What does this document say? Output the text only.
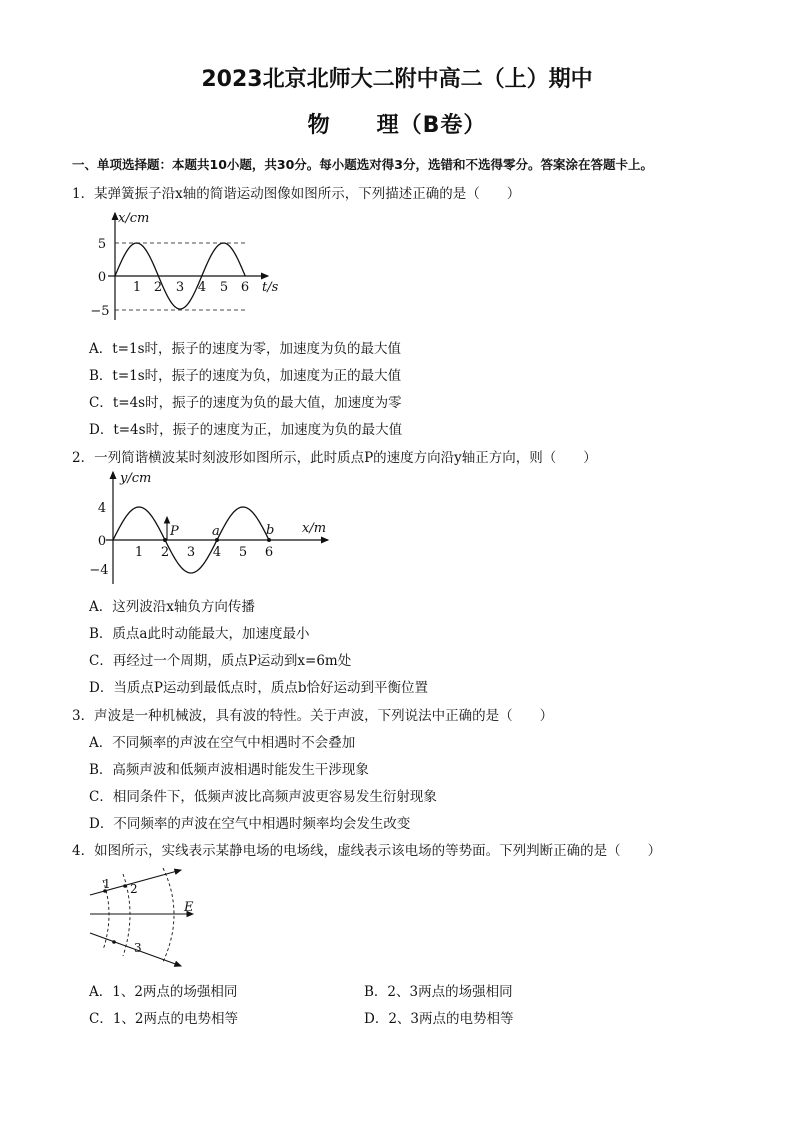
2023北京北师大二附中高二（上）期中
物　　理（B卷）
一、单项选择题：本题共10小题，共30分。每小题选对得3分，选错和不选得零分。答案涂在答题卡上。
1．某弹簧振子沿x轴的简谐运动图像如图所示，下列描述正确的是（　　）
x/cm
t/s
5
0
−5
1 2 3 4 5 6
A．t=1s时，振子的速度为零，加速度为负的最大值
B．t=1s时，振子的速度为负，加速度为正的最大值
C．t=4s时，振子的速度为负的最大值，加速度为零
D．t=4s时，振子的速度为正，加速度为负的最大值
2．一列简谐横波某时刻波形如图所示，此时质点P的速度方向沿y轴正方向，则（　　）
y/cm
x/m
4
0
−4
1 2 3 4 5 6
P	a	b
A．这列波沿x轴负方向传播
B．质点a此时动能最大，加速度最小
C．再经过一个周期，质点P运动到x=6m处
D．当质点P运动到最低点时，质点b恰好运动到平衡位置
3．声波是一种机械波，具有波的特性。关于声波，下列说法中正确的是（　　）
A．不同频率的声波在空气中相遇时不会叠加
B．高频声波和低频声波相遇时能发生干涉现象
C．相同条件下，低频声波比高频声波更容易发生衍射现象
D．不同频率的声波在空气中相遇时频率均会发生改变
4．如图所示，实线表示某静电场的电场线，虚线表示该电场的等势面。下列判断正确的是（　　）
1 2
3
E
A．1、2两点的场强相同	B．2、3两点的场强相同
C．1、2两点的电势相等	D．2、3两点的电势相等
